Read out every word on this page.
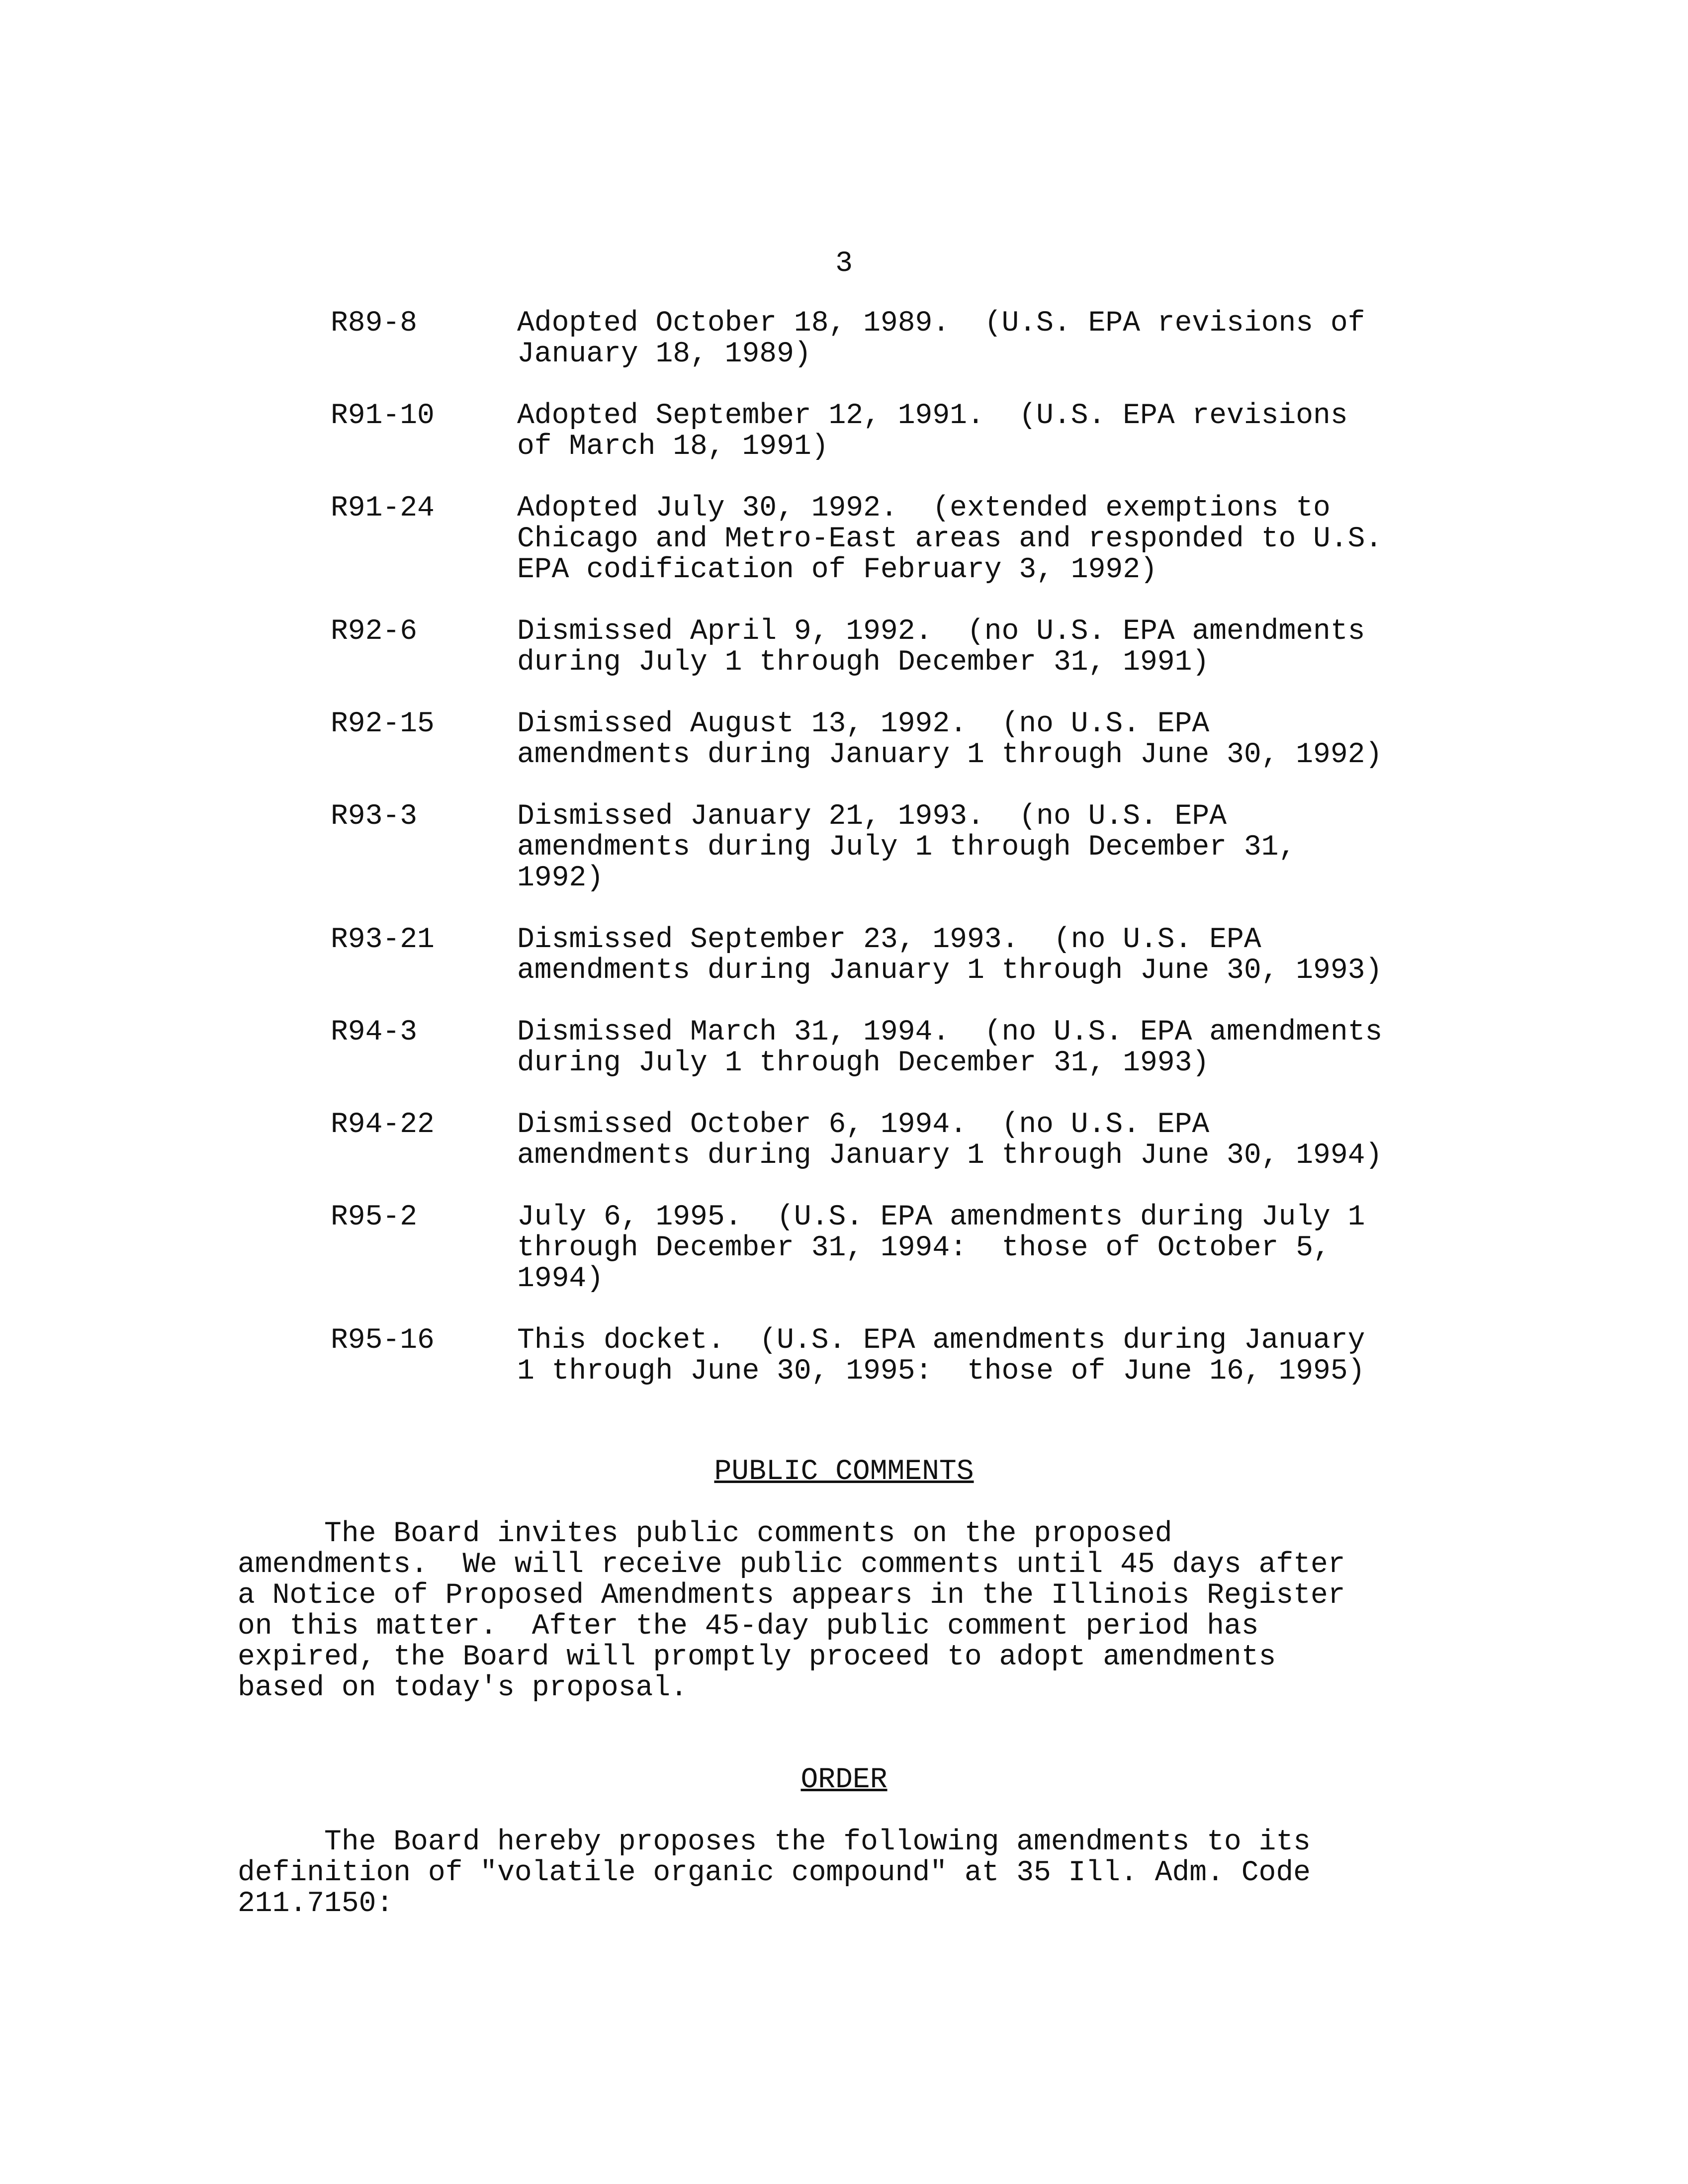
3
R89-8	Adopted October 18, 1989.  (U.S. EPA revisions of
January 18, 1989)
R91-10	Adopted September 12, 1991.  (U.S. EPA revisions
of March 18, 1991)
R91-24	Adopted July 30, 1992.  (extended exemptions to
Chicago and Metro-East areas and responded to U.S.
EPA codification of February 3, 1992)
R92-6	Dismissed April 9, 1992.  (no U.S. EPA amendments
during July 1 through December 31, 1991)
R92-15	Dismissed August 13, 1992.  (no U.S. EPA
amendments during January 1 through June 30, 1992)
R93-3	Dismissed January 21, 1993.  (no U.S. EPA
amendments during July 1 through December 31,
1992)
R93-21	Dismissed September 23, 1993.  (no U.S. EPA
amendments during January 1 through June 30, 1993)
R94-3	Dismissed March 31, 1994.  (no U.S. EPA amendments
during July 1 through December 31, 1993)
R94-22	Dismissed October 6, 1994.  (no U.S. EPA
amendments during January 1 through June 30, 1994)
R95-2	July 6, 1995.  (U.S. EPA amendments during July 1
through December 31, 1994:  those of October 5,
1994)
R95-16	This docket.  (U.S. EPA amendments during January
1 through June 30, 1995:  those of June 16, 1995)
PUBLIC COMMENTS
The Board invites public comments on the proposed
amendments.  We will receive public comments until 45 days after
a Notice of Proposed Amendments appears in the Illinois Register
on this matter.  After the 45-day public comment period has
expired, the Board will promptly proceed to adopt amendments
based on today's proposal.
ORDER
The Board hereby proposes the following amendments to its
definition of "volatile organic compound" at 35 Ill. Adm. Code
211.7150:
